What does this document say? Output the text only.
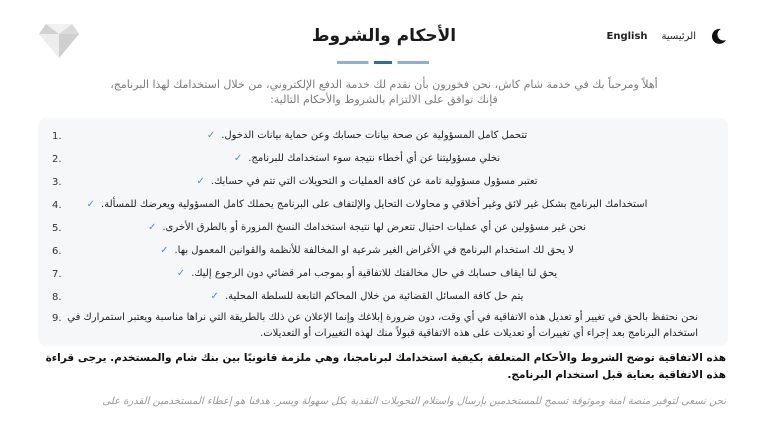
الأحكام والشروط	الرئيسية
English
أهلاً ومرحباً بك في خدمة شام كاش، نحن فخورون بأن نقدم لك خدمة الدفع الإلكتروني، من خلال استخدامك لهذا البرنامج، فإنك توافق على الالتزام بالشروط والأحكام التالية:
1.	تتحمل كامل المسؤولية عن صحة بيانات حسابك وعن حماية بيانات الدخول.✓
2.	نخلي مسؤوليتنا عن أي أخطاء نتيجة سوء استخدامك للبرنامج.✓
3.	تعتبر مسؤول مسؤولية تامة عن كافة العمليات و التحويلات التي تتم في حسابك.✓
4.	استخدامك البرنامج بشكل غير لائق وغير أخلاقي و محاولات التحايل والإلتفاف على البرنامج يحملك كامل المسؤولية ويعرضك للمسألة.✓
5.	نحن غير مسؤولين عن أي عمليات احتيال تتعرض لها نتيجة استخدامك النسخ المزورة أو بالطرق الأخرى.✓
6.	لا يحق لك استخدام البرنامج في الأغراض الغير شرعية او المخالفة للأنظمة والقوانين المعمول بها.✓
7.	يحق لنا ايقاف حسابك في حال مخالفتك للاتفاقية أو بموجب امر قضائي دون الرجوع إليك.✓
8.	يتم حل كافة المسائل القضائية من خلال المحاكم التابعة للسلطة المحلية.✓
9. نحن نحتفظ بالحق في تغيير أو تعديل هذه الاتفاقية في أي وقت، دون ضرورة إبلاغك وإنما الإعلان عن ذلك بالطريقة التي نراها مناسبة ويعتبر استمرارك في استخدام البرنامج بعد إجراء أي تغييرات أو تعديلات على هذه الاتفاقية قبولاً منك لهذه التغييرات أو التعديلات.
هذه الاتفاقية توضح الشروط والأحكام المتعلقة بكيفية استخدامك لبرنامجنا، وهي ملزمة قانونيًا بين بنك شام والمستخدم. يرجى قراءة هذه الاتفاقية بعناية قبل استخدام البرنامج.
نحن نسعى لتوفير منصة آمنة وموثوقة تسمح للمستخدمين بإرسال واستلام التحويلات النقدية بكل سهولة ويسر. هدفنا هو إعطاء المستخدمين القدرة على
